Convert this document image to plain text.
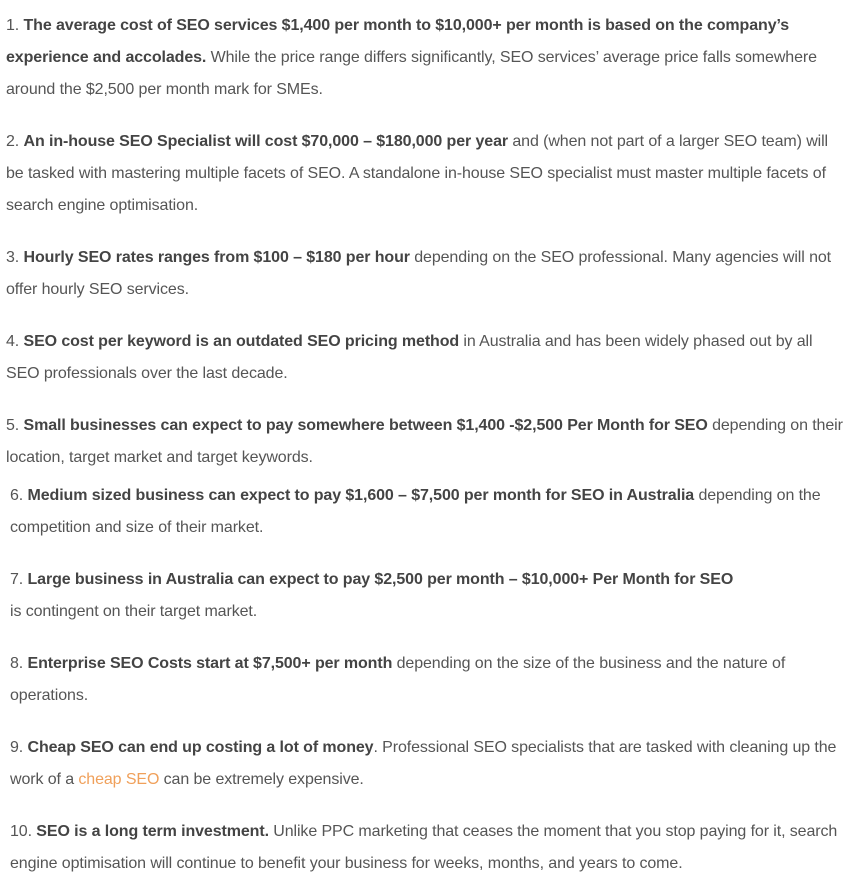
1. The average cost of SEO services $1,400 per month to $10,000+ per month is based on the company’s experience and accolades. While the price range differs significantly, SEO services’ average price falls somewhere around the $2,500 per month mark for SMEs.

2. An in-house SEO Specialist will cost $70,000 – $180,000 per year and (when not part of a larger SEO team) will be tasked with mastering multiple facets of SEO. A standalone in-house SEO specialist must master multiple facets of search engine optimisation.

3. Hourly SEO rates ranges from $100 – $180 per hour depending on the SEO professional. Many agencies will not offer hourly SEO services.

4. SEO cost per keyword is an outdated SEO pricing method in Australia and has been widely phased out by all SEO professionals over the last decade.

5. Small businesses can expect to pay somewhere between $1,400 -$2,500 Per Month for SEO depending on their location, target market and target keywords.

6. Medium sized business can expect to pay $1,600 – $7,500 per month for SEO in Australia depending on the competition and size of their market.

7. Large business in Australia can expect to pay $2,500 per month – $10,000+ Per Month for SEO
is contingent on their target market.

8. Enterprise SEO Costs start at $7,500+ per month depending on the size of the business and the nature of operations.

9. Cheap SEO can end up costing a lot of money. Professional SEO specialists that are tasked with cleaning up the work of a cheap SEO can be extremely expensive.

10. SEO is a long term investment. Unlike PPC marketing that ceases the moment that you stop paying for it, search engine optimisation will continue to benefit your business for weeks, months, and years to come.
